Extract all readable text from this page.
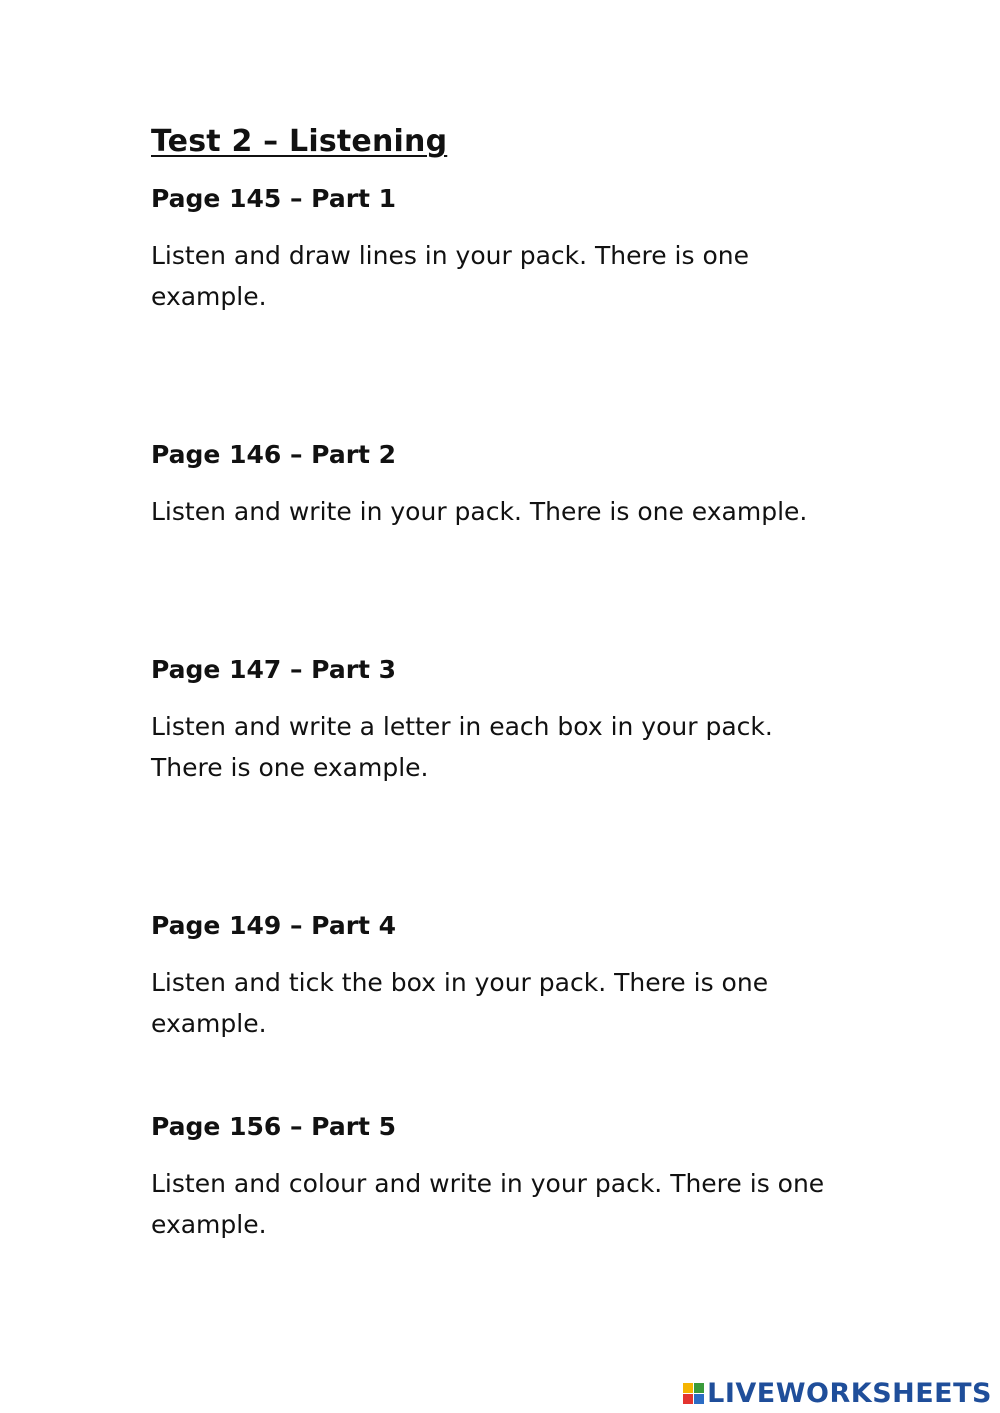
Test 2 – Listening
Page 145 – Part 1

Listen and draw lines in your pack. There is one example.

Page 146 – Part 2

Listen and write in your pack. There is one example.

Page 147 – Part 3

Listen and write a letter in each box in your pack. There is one example.

Page 149 – Part 4

Listen and tick the box in your pack. There is one example.

Page 156 – Part 5

Listen and colour and write in your pack. There is one example.

LIVEWORKSHEETS
